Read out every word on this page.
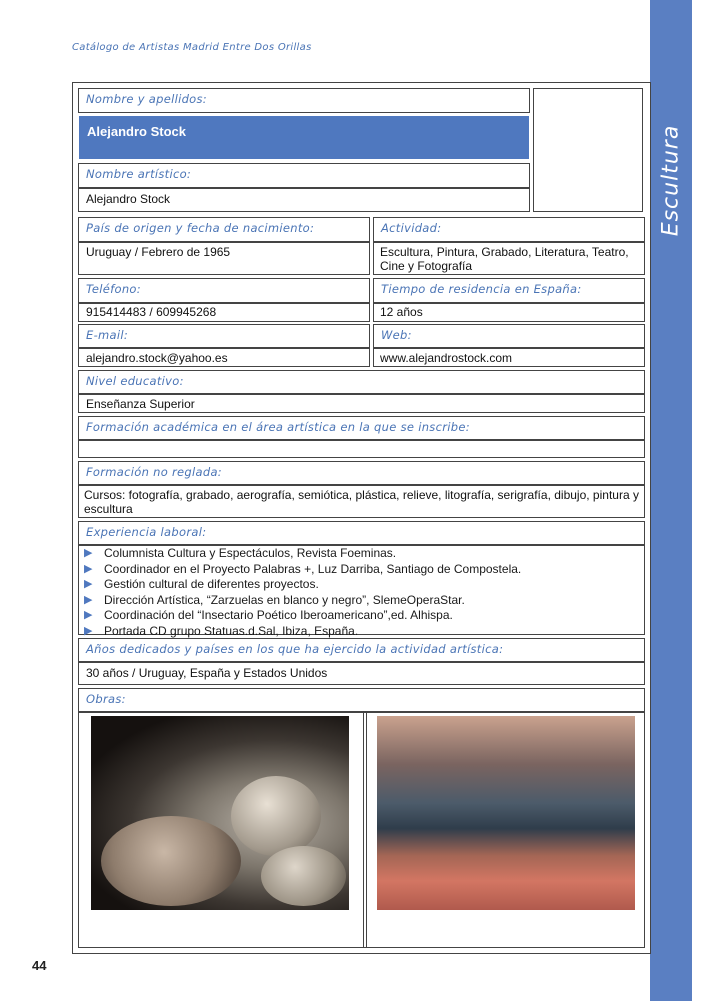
Catálogo de Artistas Madrid Entre Dos Orillas
Escultura
Nombre y apellidos:
Alejandro Stock
Nombre artístico:
Alejandro Stock
País de origen y fecha de nacimiento:
Uruguay / Febrero de 1965
Actividad:
Escultura, Pintura, Grabado, Literatura, Teatro, Cine y Fotografía
Teléfono:
915414483 / 609945268
Tiempo de residencia en España:
12 años
E-mail:
alejandro.stock@yahoo.es
Web:
www.alejandrostock.com
Nivel educativo:
Enseñanza Superior
Formación académica en el área artística en la que se inscribe:
Formación no reglada:
Cursos: fotografía, grabado, aerografía, semiótica, plástica, relieve, litografía, serigrafía, dibujo, pintura y escultura
Experiencia laboral:
▶ Columnista Cultura y Espectáculos, Revista Foeminas.
▶ Coordinador en el Proyecto Palabras +, Luz Darriba, Santiago de Compostela.
▶ Gestión cultural de diferentes proyectos.
▶ Dirección Artística, “Zarzuelas en blanco y negro”, SlemeOperaStar.
▶ Coordinación del “Insectario Poético Iberoamericano”,ed. Alhispa.
▶ Portada CD grupo Statuas.d.Sal, Ibiza, España.
Años dedicados y países en los que ha ejercido la actividad artística:
30 años / Uruguay, España y Estados Unidos
Obras:
44
